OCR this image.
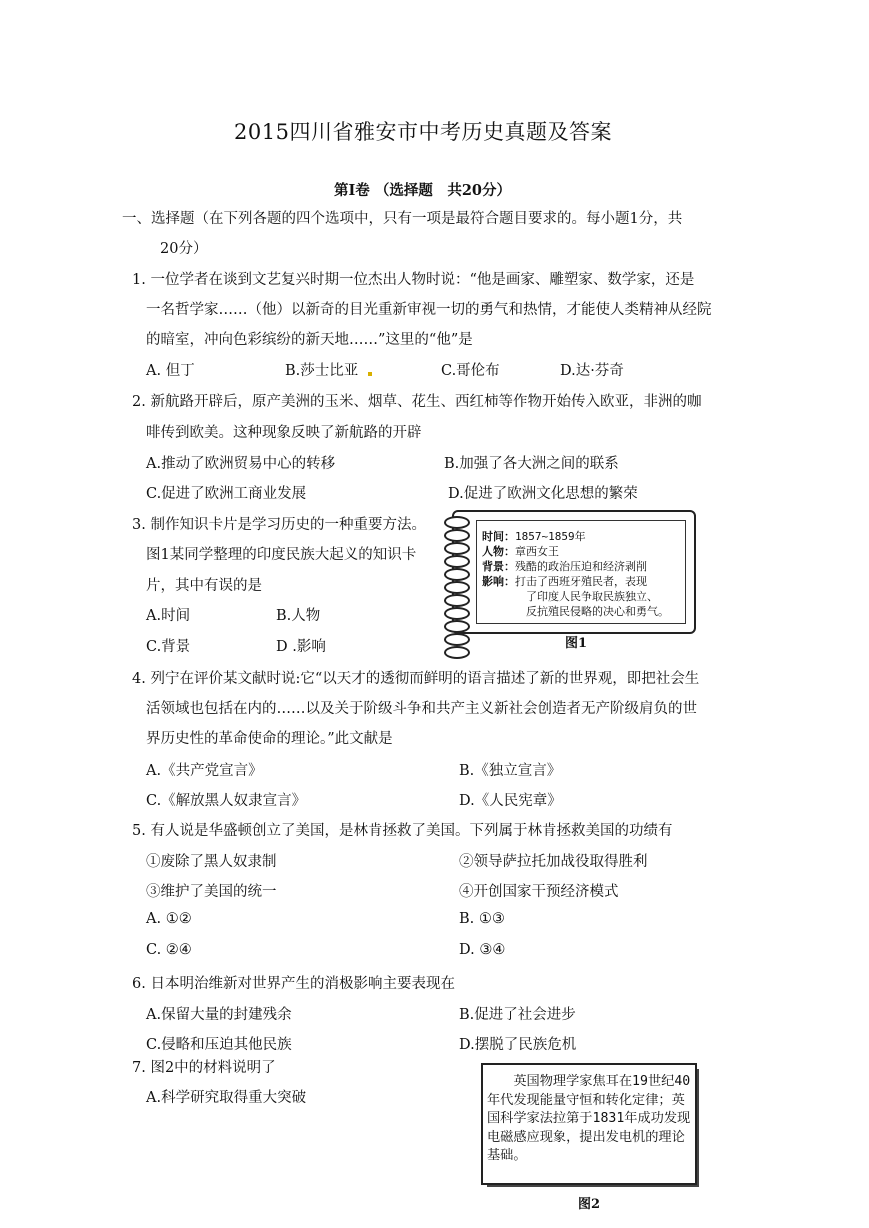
2015四川省雅安市中考历史真题及答案
第Ⅰ卷 （选择题　共20分）
一、选择题（在下列各题的四个选项中，只有一项是最符合题目要求的。每小题1分，共
20分）
1. 一位学者在谈到文艺复兴时期一位杰出人物时说：“他是画家、雕塑家、数学家，还是
一名哲学家……（他）以新奇的目光重新审视一切的勇气和热情，才能使人类精神从经院
的暗室，冲向色彩缤纷的新天地……”这里的“他”是
A. 但丁	B.莎士比亚	C.哥伦布	D.达·芬奇
2. 新航路开辟后，原产美洲的玉米、烟草、花生、西红柿等作物开始传入欧亚，非洲的咖
啡传到欧美。这种现象反映了新航路的开辟
A.推动了欧洲贸易中心的转移	B.加强了各大洲之间的联系
C.促进了欧洲工商业发展	D.促进了欧洲文化思想的繁荣
3. 制作知识卡片是学习历史的一种重要方法。
图1某同学整理的印度民族大起义的知识卡
片，其中有误的是
A.时间	B.人物
C.背景	D .影响
时间：1857~1859年
人物：章西女王
背景：残酷的政治压迫和经济剥削
影响：打击了西班牙殖民者，表现
了印度人民争取民族独立、
反抗殖民侵略的决心和勇气。
图1
4. 列宁在评价某文献时说:它“以天才的透彻而鲜明的语言描述了新的世界观，即把社会生
活领域也包括在内的……以及关于阶级斗争和共产主义新社会创造者无产阶级肩负的世
界历史性的革命使命的理论。”此文献是
A.《共产党宣言》	B.《独立宣言》
C.《解放黑人奴隶宣言》	D.《人民宪章》
5. 有人说是华盛顿创立了美国，是林肯拯救了美国。下列属于林肯拯救美国的功绩有
①废除了黑人奴隶制	②领导萨拉托加战役取得胜利
③维护了美国的统一	④开创国家干预经济模式
A. ①②	B. ①③
C. ②④	D. ③④
6. 日本明治维新对世界产生的消极影响主要表现在
A.保留大量的封建残余	B.促进了社会进步
C.侵略和压迫其他民族	D.摆脱了民族危机
7. 图2中的材料说明了
A.科学研究取得重大突破
　　英国物理学家焦耳在19世纪40年代发现能量守恒和转化定律；英国科学家法拉第于1831年成功发现电磁感应现象，提出发电机的理论基础。
图2
